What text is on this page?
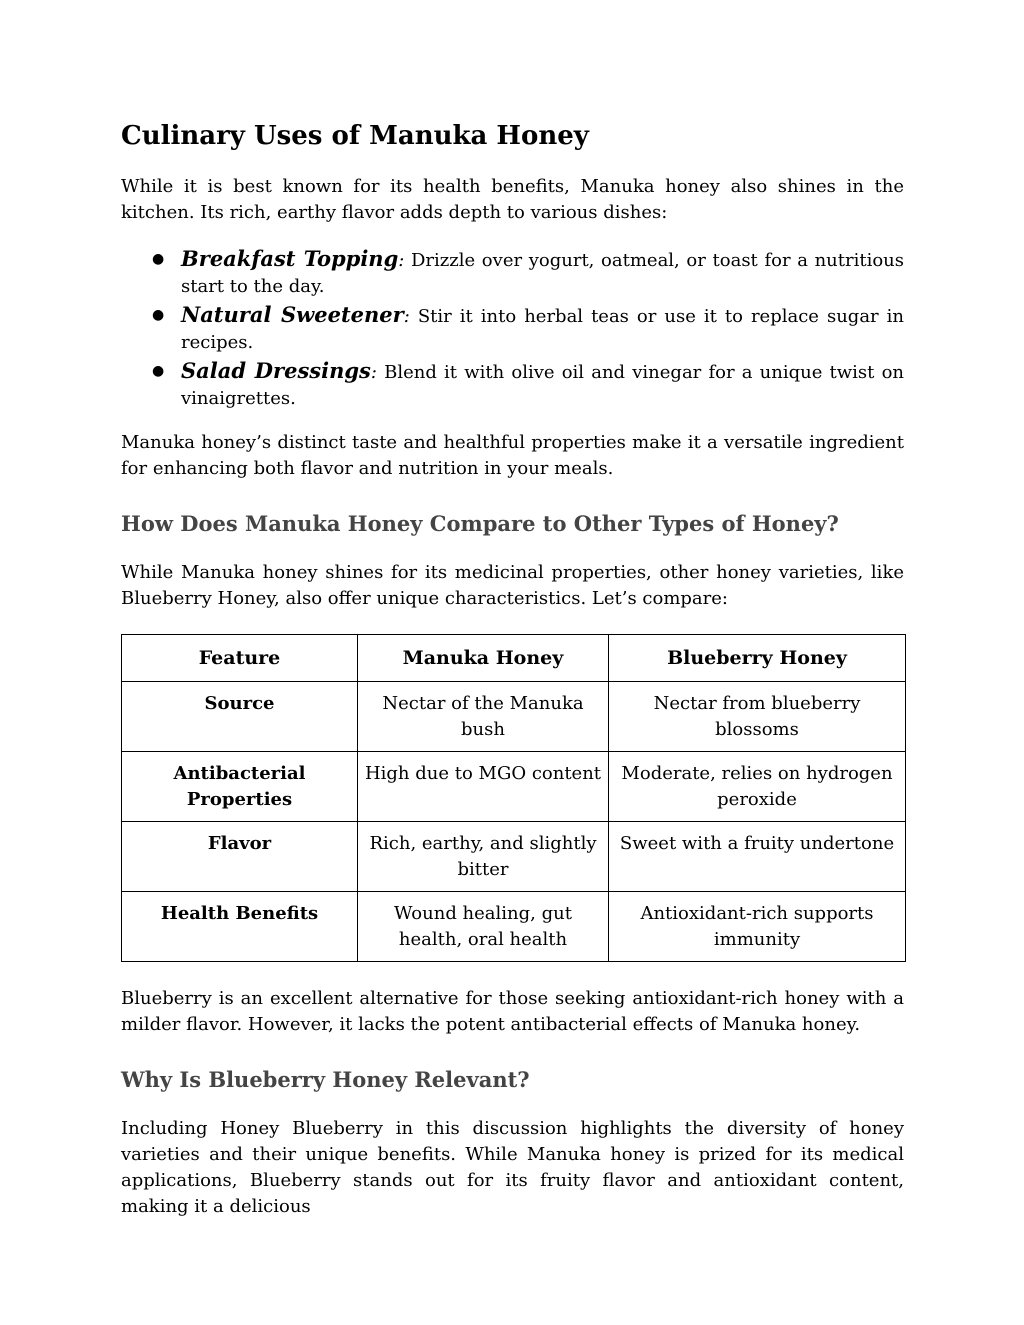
Culinary Uses of Manuka Honey

While it is best known for its health benefits, Manuka honey also shines in the kitchen. Its rich, earthy flavor adds depth to various dishes:

● Breakfast Topping: Drizzle over yogurt, oatmeal, or toast for a nutritious start to the day.
● Natural Sweetener: Stir it into herbal teas or use it to replace sugar in recipes.
● Salad Dressings: Blend it with olive oil and vinegar for a unique twist on vinaigrettes.

Manuka honey’s distinct taste and healthful properties make it a versatile ingredient for enhancing both flavor and nutrition in your meals.

How Does Manuka Honey Compare to Other Types of Honey?

While Manuka honey shines for its medicinal properties, other honey varieties, like Blueberry Honey, also offer unique characteristics. Let’s compare:

Feature	Manuka Honey	Blueberry Honey
Source	Nectar of the Manuka bush	Nectar from blueberry blossoms
Antibacterial Properties	High due to MGO content	Moderate, relies on hydrogen peroxide
Flavor	Rich, earthy, and slightly bitter	Sweet with a fruity undertone
Health Benefits	Wound healing, gut health, oral health	Antioxidant-rich supports immunity

Blueberry is an excellent alternative for those seeking antioxidant-rich honey with a milder flavor. However, it lacks the potent antibacterial effects of Manuka honey.

Why Is Blueberry Honey Relevant?

Including Honey Blueberry in this discussion highlights the diversity of honey varieties and their unique benefits. While Manuka honey is prized for its medical applications, Blueberry stands out for its fruity flavor and antioxidant content, making it a delicious
